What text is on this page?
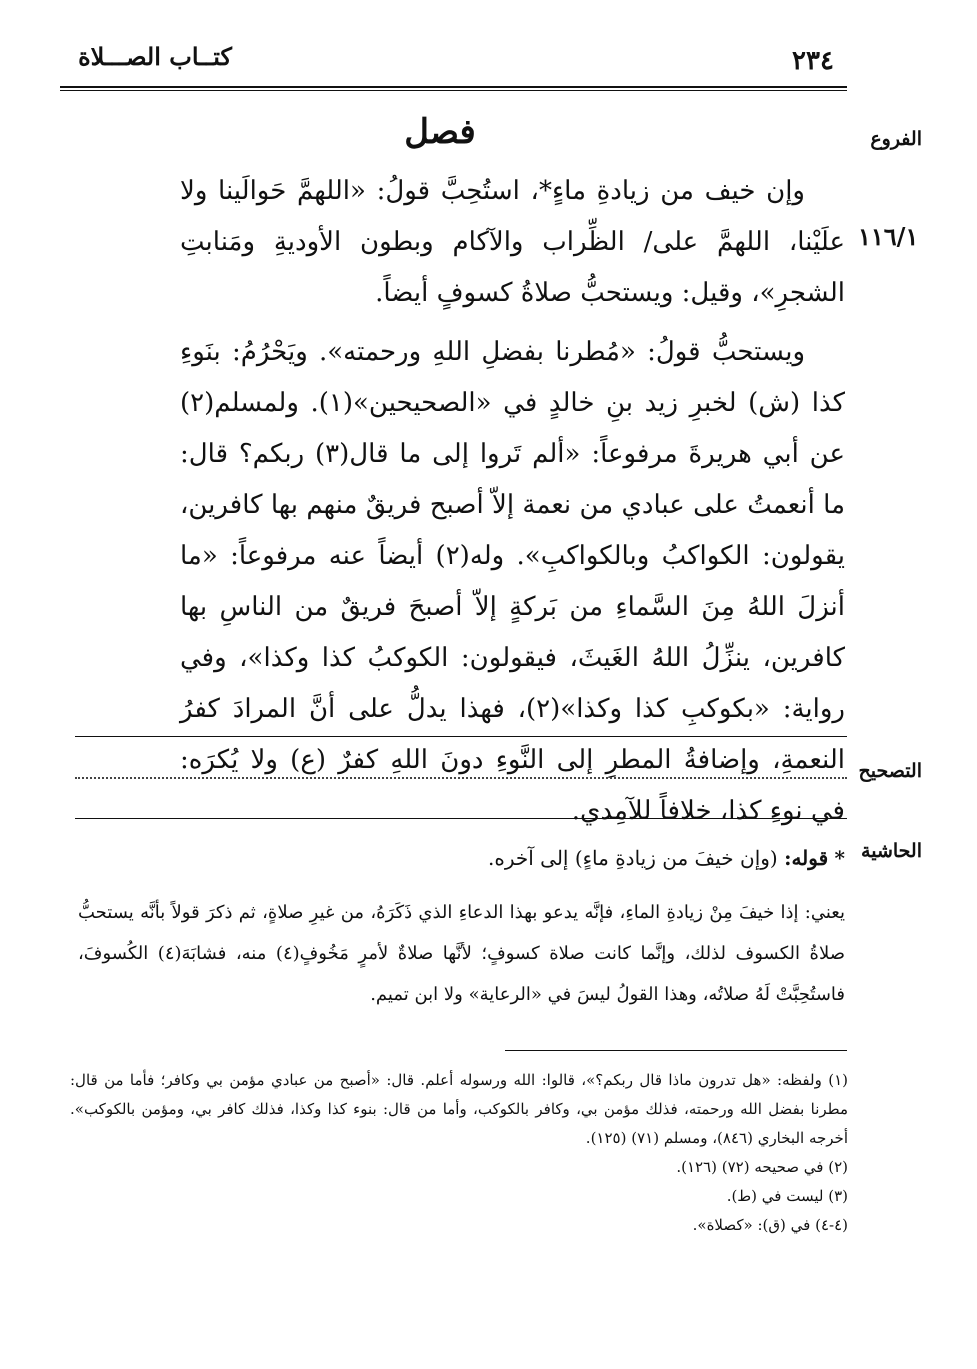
كتــاب الصـــلاة	٢٣٤
الفروع
فصل
١١٦/١

وإن خيف من زيادةِ ماءٍ*، استُحِبَّ قولُ: «اللهمَّ حَوالَينا ولا علَيْنا، اللهمَّ على/ الظِّراب والآكام وبطون الأوديةِ ومَنابتِ الشجرِ»، وقيل: ويستحبُّ صلاةُ كسوفٍ أيضاً.

ويستحبُّ قولُ: «مُطرنا بفضلِ اللهِ ورحمته». ويَحْرُمُ: بنَوءِ كذا (ش) لخبرِ زيد بنِ خالدٍ في «الصحيحين»(١). ولمسلم(٢) عن أبي هريرةَ مرفوعاً: «ألم تَروا إلى ما قال(٣) ربكم؟ قال: ما أنعمتُ على عبادي من نعمة إلاّ أصبح فريقٌ منهم بها كافرين، يقولون: الكواكبُ وبالكواكبِ». وله(٢) أيضاً عنه مرفوعاً: «ما أنزلَ اللهُ مِنَ السَّماءِ من بَركةٍ إلاّ أصبحَ فريقٌ من الناسِ بها كافرين، ينزِّلُ اللهُ الغَيثَ، فيقولون: الكوكبُ كذا وكذا»، وفي رواية: «بكوكبِ كذا وكذا»(٢)، فهذا يدلُّ على أنَّ المرادَ كفرُ النعمةِ، وإضافةُ المطرِ إلى النَّوءِ دونَ اللهِ كفرٌ (ع) ولا يُكرَه: في نوءِ كذا، خلافاً للآمِدي.

التصحيح
الحاشية
* قوله: (وإن خيفَ من زيادةِ ماءٍ) إلى آخره.

يعني: إذا خيفَ مِنْ زيادةِ الماءِ، فإنَّه يدعو بهذا الدعاءِ الذي ذَكَرَهُ، من غيرِ صلاةٍ، ثم ذكرَ قولاً بأنَّه يستحبُّ صلاةُ الكسوف لذلك، وإنَّما كانت صلاة كسوفٍ؛ لأنَّها صلاةٌ لأمرٍ مَخُوفٍ(٤) منه، فشابَهَ(٤) الكُسوفَ، فاستُحِبَّتْ لَهُ صلاتُه، وهذا القولُ ليسَ في «الرعاية» ولا ابن تميم.

(١) ولفظه: «هل تدرون ماذا قال ربكم؟»، قالوا: الله ورسوله أعلم. قال: «أصبح من عبادي مؤمن بي وكافر؛ فأما من قال: مطرنا بفضل الله ورحمته، فذلك مؤمن بي، وكافر بالكوكب، وأما من قال: بنوء كذا وكذا، فذلك كافر بي، ومؤمن بالكوكب». أخرجه البخاري (٨٤٦)، ومسلم (٧١) (١٢٥).

(٢) في صحيحه (٧٢) (١٢٦).

(٣) ليست في (ط).

(٤-٤) في (ق): «كصلاة».
